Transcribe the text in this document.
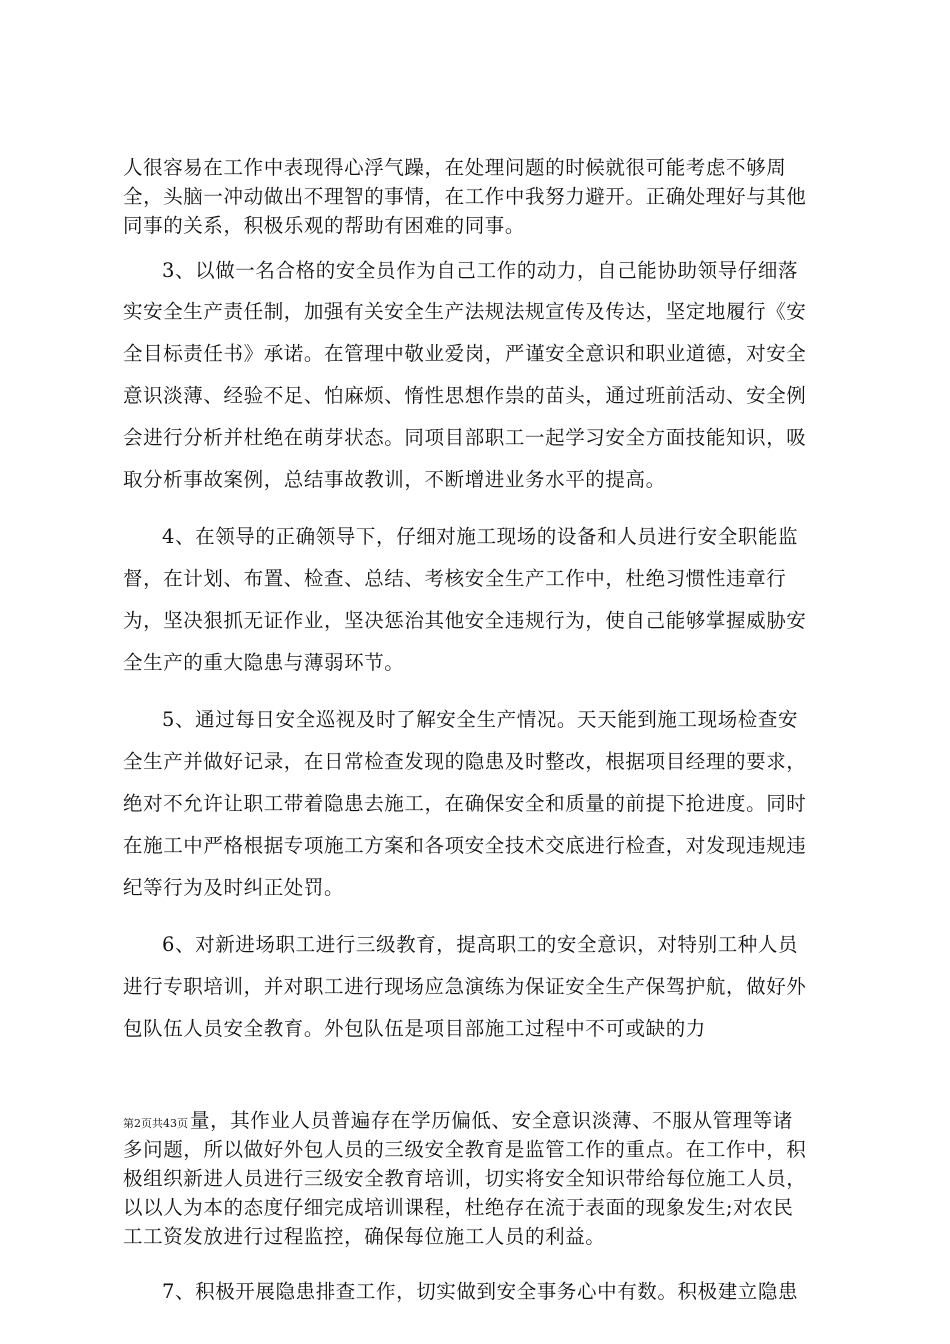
人很容易在工作中表现得心浮气躁，在处理问题的时候就很可能考虑不够周
全，头脑一冲动做出不理智的事情，在工作中我努力避开。正确处理好与其他
同事的关系，积极乐观的帮助有困难的同事。
3、以做一名合格的安全员作为自己工作的动力，自己能协助领导仔细落
实安全生产责任制，加强有关安全生产法规法规宣传及传达，坚定地履行《安
全目标责任书》承诺。在管理中敬业爱岗，严谨安全意识和职业道德，对安全
意识淡薄、经验不足、怕麻烦、惰性思想作祟的苗头，通过班前活动、安全例
会进行分析并杜绝在萌芽状态。同项目部职工一起学习安全方面技能知识，吸
取分析事故案例，总结事故教训，不断增进业务水平的提高。
4、在领导的正确领导下，仔细对施工现场的设备和人员进行安全职能监
督，在计划、布置、检查、总结、考核安全生产工作中，杜绝习惯性违章行
为，坚决狠抓无证作业，坚决惩治其他安全违规行为，使自己能够掌握威胁安
全生产的重大隐患与薄弱环节。
5、通过每日安全巡视及时了解安全生产情况。天天能到施工现场检查安
全生产并做好记录，在日常检查发现的隐患及时整改，根据项目经理的要求，
绝对不允许让职工带着隐患去施工，在确保安全和质量的前提下抢进度。同时
在施工中严格根据专项施工方案和各项安全技术交底进行检查，对发现违规违
纪等行为及时纠正处罚。
6、对新进场职工进行三级教育，提高职工的安全意识，对特别工种人员
进行专职培训，并对职工进行现场应急演练为保证安全生产保驾护航，做好外
包队伍人员安全教育。外包队伍是项目部施工过程中不可或缺的力
第2页共43页 量，其作业人员普遍存在学历偏低、安全意识淡薄、不服从管理等诸
多问题，所以做好外包人员的三级安全教育是监管工作的重点。在工作中，积
极组织新进人员进行三级安全教育培训，切实将安全知识带给每位施工人员，
以以人为本的态度仔细完成培训课程，杜绝存在流于表面的现象发生;对农民
工工资发放进行过程监控，确保每位施工人员的利益。
7、积极开展隐患排查工作，切实做到安全事务心中有数。积极建立隐患
